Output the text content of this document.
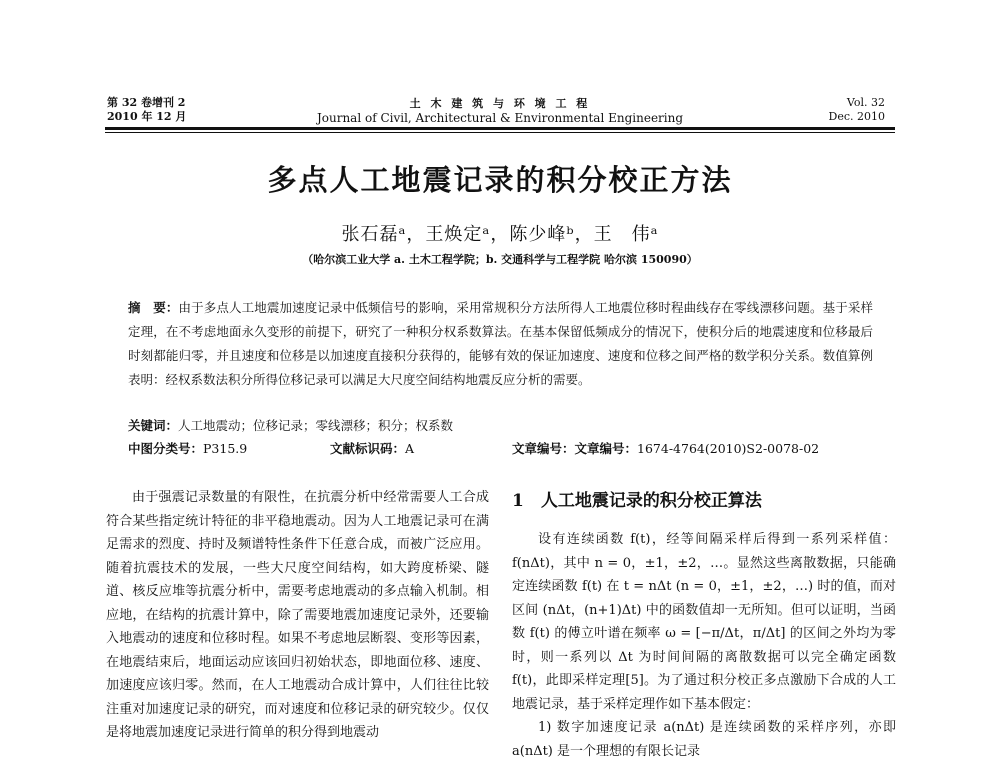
第 32 卷增刊 2
2010 年 12 月
土 木 建 筑 与 环 境 工 程
Journal of Civil, Architectural & Environmental Engineering
Vol. 32
Dec. 2010
多点人工地震记录的积分校正方法
张石磊ᵃ，王焕定ᵃ，陈少峰ᵇ，王　伟ᵃ
（哈尔滨工业大学 a. 土木工程学院；b. 交通科学与工程学院 哈尔滨 150090）
摘　要：由于多点人工地震加速度记录中低频信号的影响，采用常规积分方法所得人工地震位移时程曲线存在零线漂移问题。基于采样定理，在不考虑地面永久变形的前提下，研究了一种积分权系数算法。在基本保留低频成分的情况下，使积分后的地震速度和位移最后时刻都能归零，并且速度和位移是以加速度直接积分获得的，能够有效的保证加速度、速度和位移之间严格的数学积分关系。数值算例表明：经权系数法积分所得位移记录可以满足大尺度空间结构地震反应分析的需要。
关键词：人工地震动；位移记录；零线漂移；积分；权系数
中图分类号：P315.9	文献标识码：A	文章编号：文章编号：1674-4764(2010)S2-0078-02

由于强震记录数量的有限性，在抗震分析中经常需要人工合成符合某些指定统计特征的非平稳地震动。因为人工地震记录可在满足需求的烈度、持时及频谱特性条件下任意合成，而被广泛应用。随着抗震技术的发展，一些大尺度空间结构，如大跨度桥梁、隧道、核反应堆等抗震分析中，需要考虑地震动的多点输入机制。相应地，在结构的抗震计算中，除了需要地震加速度记录外，还要输入地震动的速度和位移时程。如果不考虑地层断裂、变形等因素，在地震结束后，地面运动应该回归初始状态，即地面位移、速度、加速度应该归零。然而，在人工地震动合成计算中，人们往往比较注重对加速度记录的研究，而对速度和位移记录的研究较少。仅仅是将地震加速度记录进行简单的积分得到地震动

1　人工地震记录的积分校正算法

设有连续函数 f(t)，经等间隔采样后得到一系列采样值：f(nΔt)，其中 n = 0，±1，±2，…。显然这些离散数据，只能确定连续函数 f(t) 在 t = nΔt (n = 0，±1，±2，…) 时的值，而对区间 (nΔt，(n+1)Δt) 中的函数值却一无所知。但可以证明，当函数 f(t) 的傅立叶谱在频率 ω = [−π/Δt，π/Δt] 的区间之外均为零时，则一系列以 Δt 为时间间隔的离散数据可以完全确定函数 f(t)，此即采样定理[5]。为了通过积分校正多点激励下合成的人工地震记录，基于采样定理作如下基本假定：

1) 数字加速度记录 a(nΔt) 是连续函数的采样序列，亦即 a(nΔt) 是一个理想的有限长记录
